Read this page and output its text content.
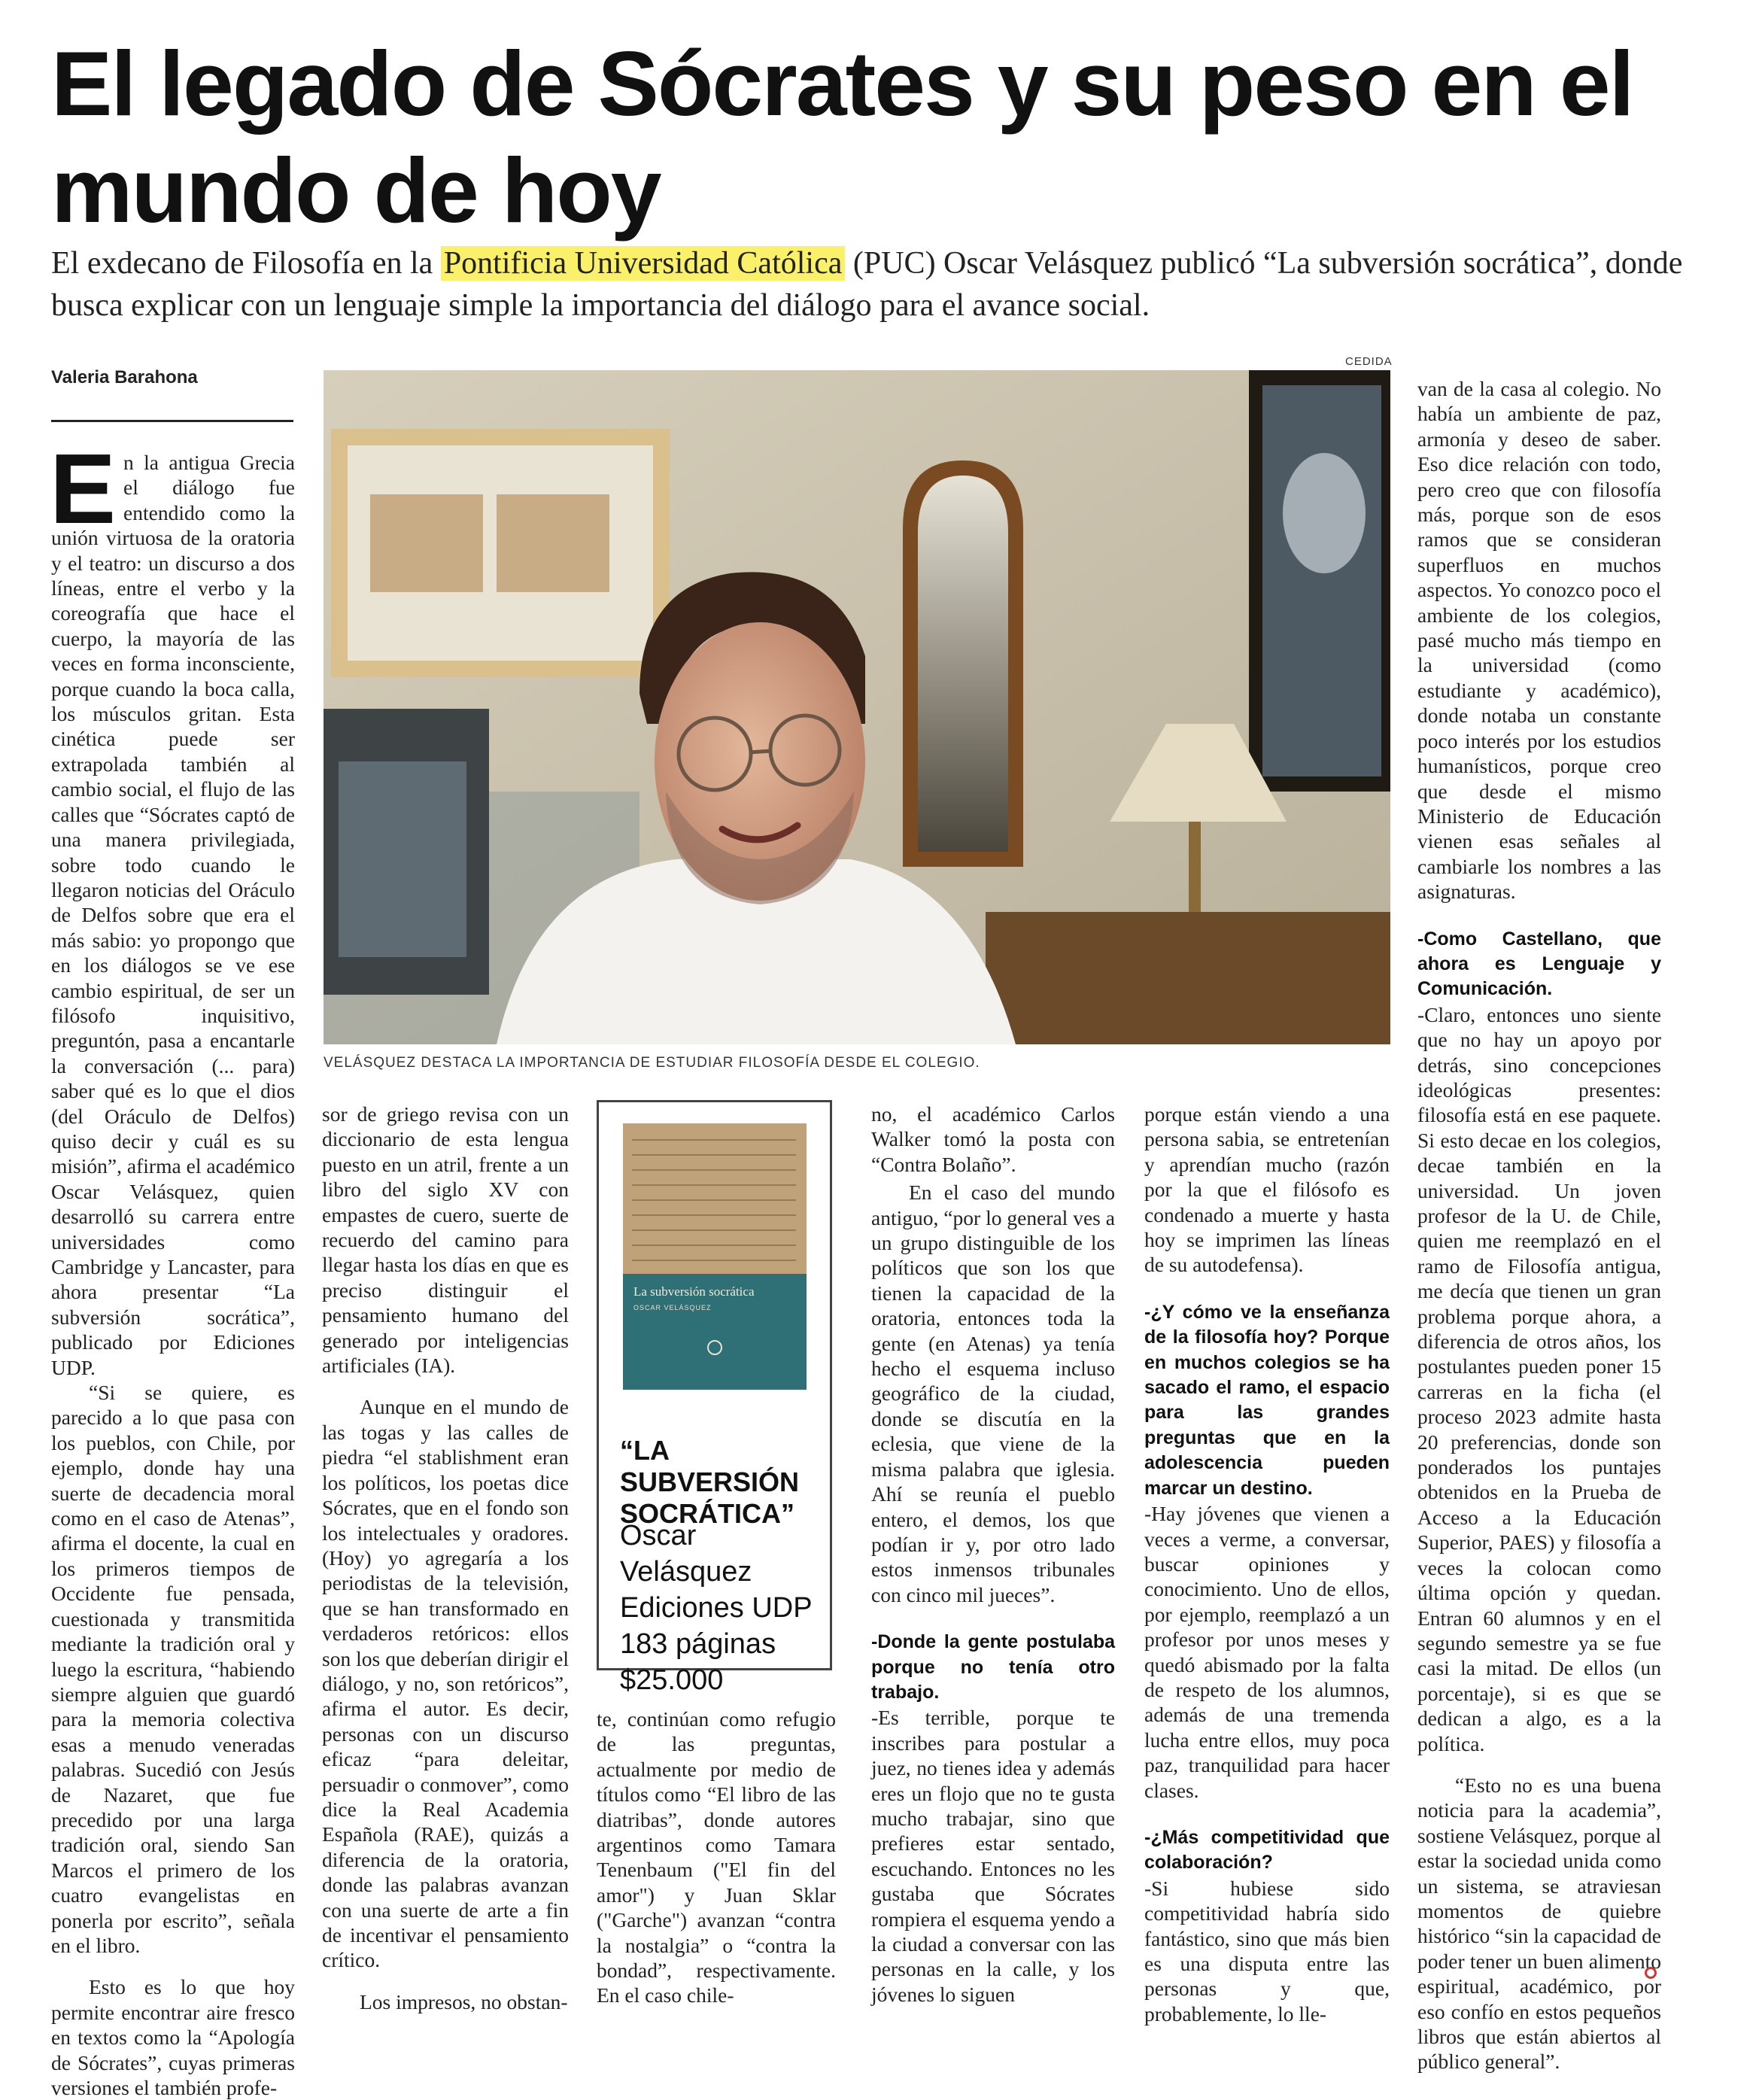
El legado de Sócrates y su peso en el mundo de hoy
El exdecano de Filosofía en la Pontificia Universidad Católica (PUC) Oscar Velásquez publicó “La subversión socrática”, donde busca explicar con un lenguaje simple la importancia del diálogo para el avance social.
Valeria Barahona

En la antigua Grecia el diálogo fue entendido como la unión virtuosa de la oratoria y el teatro: un discurso a dos líneas, entre el verbo y la coreografía que hace el cuerpo, la mayoría de las veces en forma inconsciente, porque cuando la boca calla, los músculos gritan. Esta cinética puede ser extrapolada también al cambio social, el flujo de las calles que “Sócrates captó de una manera privilegiada, sobre todo cuando le llegaron noticias del Oráculo de Delfos sobre que era el más sabio: yo propongo que en los diálogos se ve ese cambio espiritual, de ser un filósofo inquisitivo, preguntón, pasa a encantarle la conversación (... para) saber qué es lo que el dios (del Oráculo de Delfos) quiso decir y cuál es su misión”, afirma el académico Oscar Velásquez, quien desarrolló su carrera entre universidades como Cambridge y Lancaster, para ahora presentar “La subversión socrática”, publicado por Ediciones UDP.

“Si se quiere, es parecido a lo que pasa con los pueblos, con Chile, por ejemplo, donde hay una suerte de decadencia moral como en el caso de Atenas”, afirma el docente, la cual en los primeros tiempos de Occidente fue pensada, cuestionada y transmitida mediante la tradición oral y luego la escritura, “habiendo siempre alguien que guardó para la memoria colectiva esas a menudo veneradas palabras. Sucedió con Jesús de Nazaret, que fue precedido por una larga tradición oral, siendo San Marcos el primero de los cuatro evangelistas en ponerla por escrito”, señala en el libro.

Esto es lo que hoy permite encontrar aire fresco en textos como la “Apología de Sócrates”, cuyas primeras versiones el también profe-

CEDIDA
VELÁSQUEZ DESTACA LA IMPORTANCIA DE ESTUDIAR FILOSOFÍA DESDE EL COLEGIO.

sor de griego revisa con un diccionario de esta lengua puesto en un atril, frente a un libro del siglo XV con empastes de cuero, suerte de recuerdo del camino para llegar hasta los días en que es preciso distinguir el pensamiento humano del generado por inteligencias artificiales (IA).

Aunque en el mundo de las togas y las calles de piedra “el stablishment eran los políticos, los poetas dice Sócrates, que en el fondo son los intelectuales y oradores. (Hoy) yo agregaría a los periodistas de la televisión, que se han transformado en verdaderos retóricos: ellos son los que deberían dirigir el diálogo, y no, son retóricos”, afirma el autor. Es decir, personas con un discurso eficaz “para deleitar, persuadir o conmover”, como dice la Real Academia Española (RAE), quizás a diferencia de la oratoria, donde las palabras avanzan con una suerte de arte a fin de incentivar el pensamiento crítico.

Los impresos, no obstan-

La subversión socrática
OSCAR VELÁSQUEZ
“LA SUBVERSIÓN SOCRÁTICA”
Oscar Velásquez
Ediciones UDP
183 páginas
$25.000

no, el académico Carlos Walker tomó la posta con “Contra Bolaño”.

En el caso del mundo antiguo, “por lo general ves a un grupo distinguible de los políticos que son los que tienen la capacidad de la oratoria, entonces toda la gente (en Atenas) ya tenía hecho el esquema incluso geográfico de la ciudad, donde se discutía en la eclesia, que viene de la misma palabra que iglesia. Ahí se reunía el pueblo entero, el demos, los que podían ir y, por otro lado estos inmensos tribunales con cinco mil jueces”.

-Donde la gente postulaba porque no tenía otro trabajo.

-Es terrible, porque te inscribes para postular a juez, no tienes idea y además eres un flojo que no te gusta mucho trabajar, sino que prefieres estar sentado, escuchando. Entonces no les gustaba que Sócrates rompiera el esquema yendo a la ciudad a conversar con las personas en la calle, y los jóvenes lo siguen

te, continúan como refugio de las preguntas, actualmente por medio de títulos como “El libro de las diatribas”, donde autores argentinos como Tamara Tenenbaum ("El fin del amor") y Juan Sklar ("Garche") avanzan “contra la nostalgia” o “contra la bondad”, respectivamente. En el caso chile-

porque están viendo a una persona sabia, se entretenían y aprendían mucho (razón por la que el filósofo es condenado a muerte y hasta hoy se imprimen las líneas de su autodefensa).

-¿Y cómo ve la enseñanza de la filosofía hoy? Porque en muchos colegios se ha sacado el ramo, el espacio para las grandes preguntas que en la adolescencia pueden marcar un destino.

-Hay jóvenes que vienen a veces a verme, a conversar, buscar opiniones y conocimiento. Uno de ellos, por ejemplo, reemplazó a un profesor por unos meses y quedó abismado por la falta de respeto de los alumnos, además de una tremenda lucha entre ellos, muy poca paz, tranquilidad para hacer clases.

-¿Más competitividad que colaboración?

-Si hubiese sido competitividad habría sido fantástico, sino que más bien es una disputa entre las personas y que, probablemente, lo lle-

van de la casa al colegio. No había un ambiente de paz, armonía y deseo de saber. Eso dice relación con todo, pero creo que con filosofía más, porque son de esos ramos que se consideran superfluos en muchos aspectos. Yo conozco poco el ambiente de los colegios, pasé mucho más tiempo en la universidad (como estudiante y académico), donde notaba un constante poco interés por los estudios humanísticos, porque creo que desde el mismo Ministerio de Educación vienen esas señales al cambiarle los nombres a las asignaturas.

-Como Castellano, que ahora es Lenguaje y Comunicación.

-Claro, entonces uno siente que no hay un apoyo por detrás, sino concepciones ideológicas presentes: filosofía está en ese paquete. Si esto decae en los colegios, decae también en la universidad. Un joven profesor de la U. de Chile, quien me reemplazó en el ramo de Filosofía antigua, me decía que tienen un gran problema porque ahora, a diferencia de otros años, los postulantes pueden poner 15 carreras en la ficha (el proceso 2023 admite hasta 20 preferencias, donde son ponderados los puntajes obtenidos en la Prueba de Acceso a la Educación Superior, PAES) y filosofía a veces la colocan como última opción y quedan. Entran 60 alumnos y en el segundo semestre ya se fue casi la mitad. De ellos (un porcentaje), si es que se dedican a algo, es a la política.

“Esto no es una buena noticia para la academia”, sostiene Velásquez, porque al estar la sociedad unida como un sistema, se atraviesan momentos de quiebre histórico “sin la capacidad de poder tener un buen alimento espiritual, académico, por eso confío en estos pequeños libros que están abiertos al público general”.
